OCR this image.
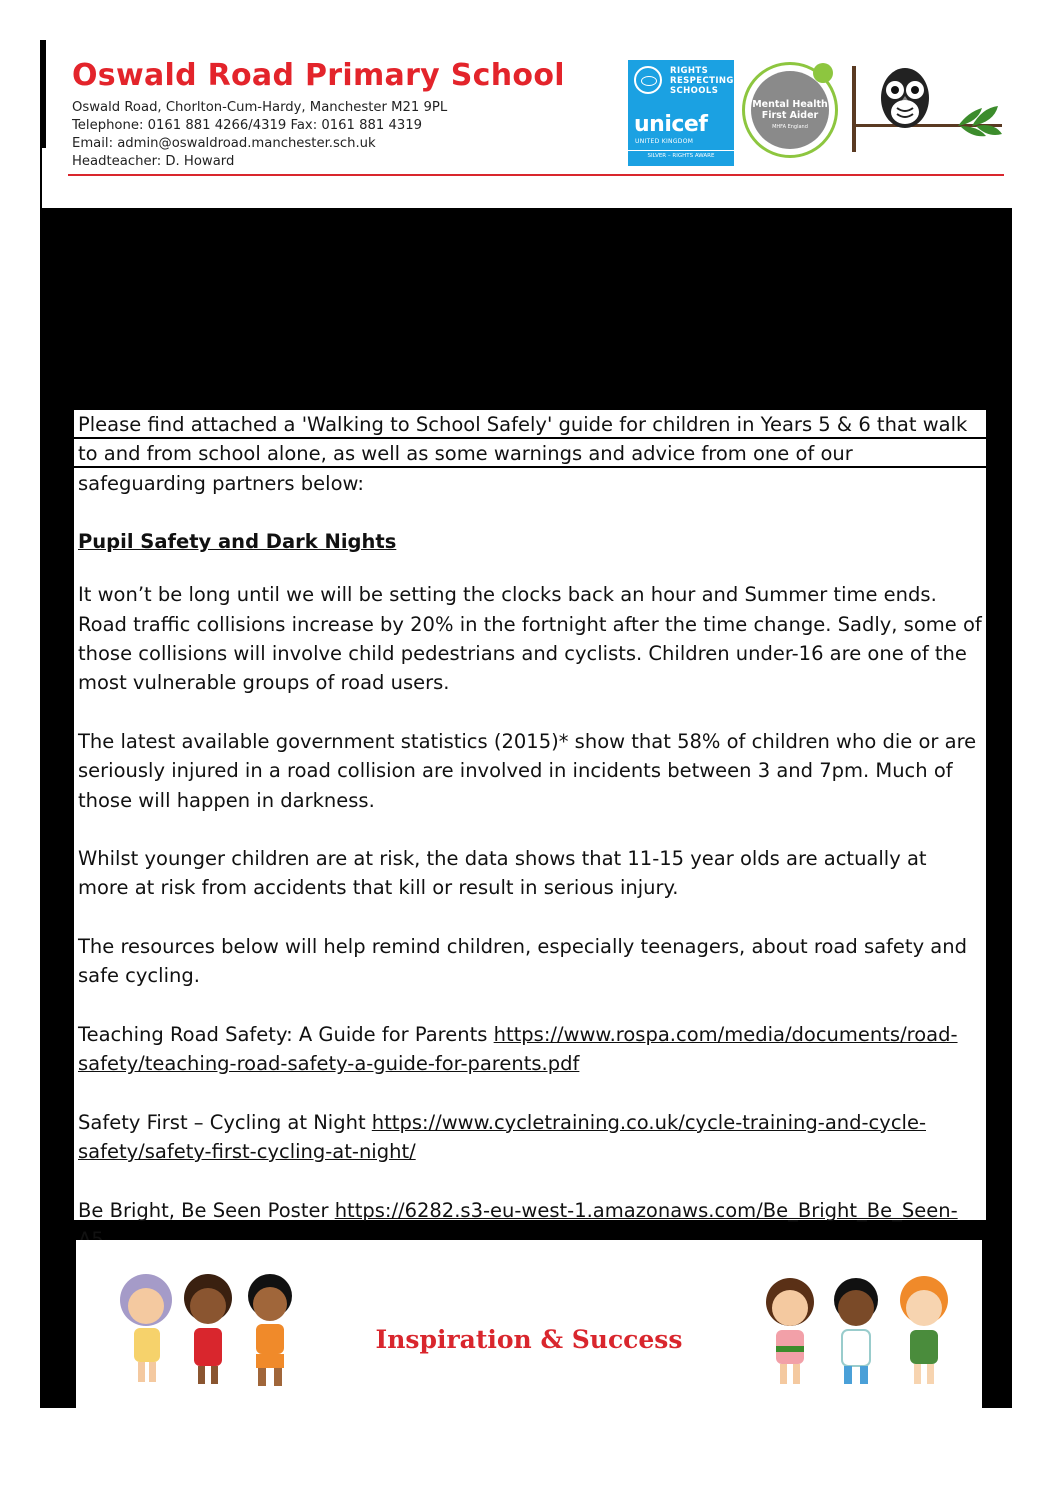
Oswald Road Primary School
Oswald Road, Chorlton-Cum-Hardy, Manchester M21 9PL
Telephone: 0161 881 4266/4319 Fax: 0161 881 4319
Email: admin@oswaldroad.manchester.sch.uk
Headteacher: D. Howard
RIGHTS RESPECTING SCHOOLS
unicef
UNITED KINGDOM
SILVER – RIGHTS AWARE
Mental Health First Aider
MHFA England

Please find attached a 'Walking to School Safely' guide for children in Years 5 & 6 that walk to and from school alone, as well as some warnings and advice from one of our safeguarding partners below:

Pupil Safety and Dark Nights

It won’t be long until we will be setting the clocks back an hour and Summer time ends. Road traffic collisions increase by 20% in the fortnight after the time change. Sadly, some of those collisions will involve child pedestrians and cyclists. Children under-16 are one of the most vulnerable groups of road users.

The latest available government statistics (2015)* show that 58% of children who die or are seriously injured in a road collision are involved in incidents between 3 and 7pm. Much of those will happen in darkness.

Whilst younger children are at risk, the data shows that 11-15 year olds are actually at more at risk from accidents that kill or result in serious injury.

The resources below will help remind children, especially teenagers, about road safety and safe cycling.

Teaching Road Safety: A Guide for Parents https://www.rospa.com/media/documents/road-safety/teaching-road-safety-a-guide-for-parents.pdf

Safety First – Cycling at Night https://www.cycletraining.co.uk/cycle-training-and-cycle-safety/safety-first-cycling-at-night/

Be Bright, Be Seen Poster https://6282.s3-eu-west-1.amazonaws.com/Be_Bright_Be_Seen-

Inspiration & Success
